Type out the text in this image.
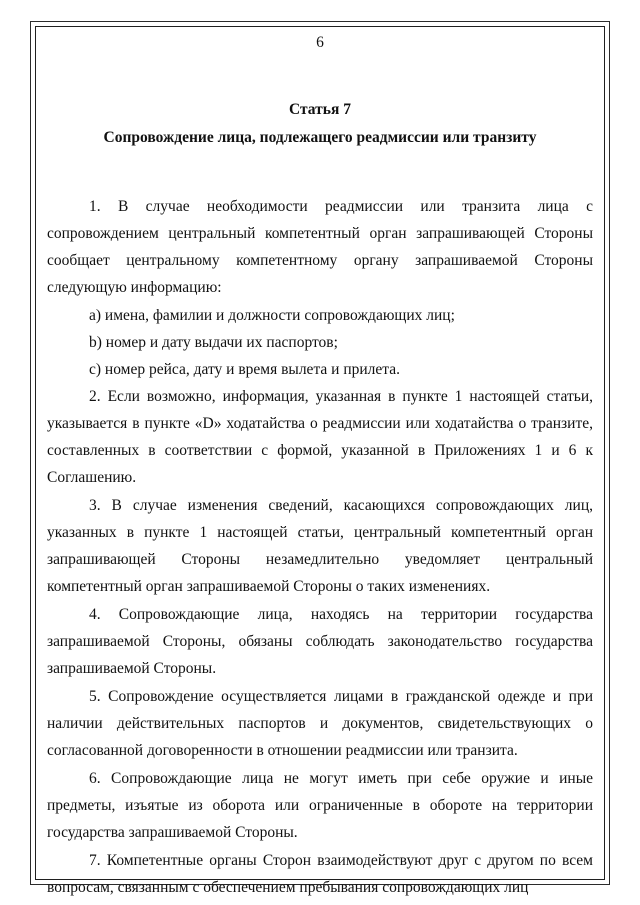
6
Статья 7
Сопровождение лица, подлежащего реадмиссии или транзиту

1. В случае необходимости реадмиссии или транзита лица с сопровождением центральный компетентный орган запрашивающей Стороны сообщает центральному компетентному органу запрашиваемой Стороны следующую информацию:

а) имена, фамилии и должности сопровождающих лиц;

b) номер и дату выдачи их паспортов;

с) номер рейса, дату и время вылета и прилета.

2. Если возможно, информация, указанная в пункте 1 настоящей статьи, указывается в пункте «D» ходатайства о реадмиссии или ходатайства о транзите, составленных в соответствии с формой, указанной в Приложениях 1 и 6 к Соглашению.

3. В случае изменения сведений, касающихся сопровождающих лиц, указанных в пункте 1 настоящей статьи, центральный компетентный орган запрашивающей Стороны незамедлительно уведомляет центральный компетентный орган запрашиваемой Стороны о таких изменениях.

4. Сопровождающие лица, находясь на территории государства запрашиваемой Стороны, обязаны соблюдать законодательство государства запрашиваемой Стороны.

5. Сопровождение осуществляется лицами в гражданской одежде и при наличии действительных паспортов и документов, свидетельствующих о согласованной договоренности в отношении реадмиссии или транзита.

6. Сопровождающие лица не могут иметь при себе оружие и иные предметы, изъятые из оборота или ограниченные в обороте на территории государства запрашиваемой Стороны.

7. Компетентные органы Сторон взаимодействуют друг с другом по всем вопросам, связанным с обеспечением пребывания сопровождающих лиц
